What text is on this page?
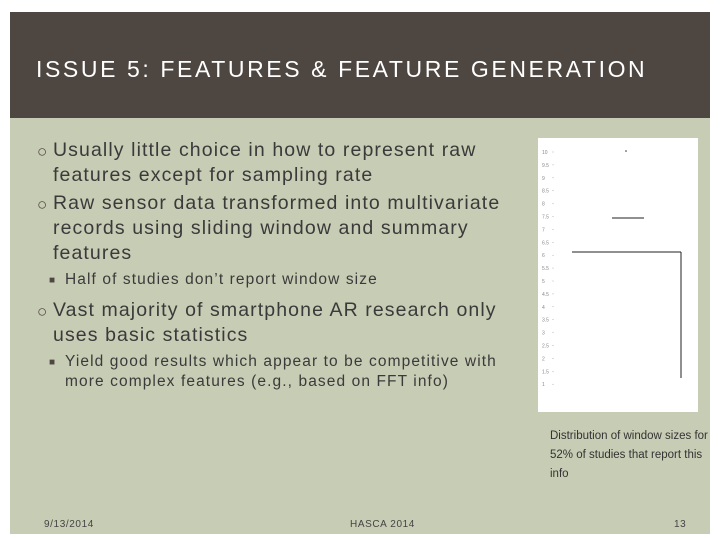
ISSUE 5: FEATURES & FEATURE GENERATION
○ Usually little choice in how to represent raw features except for sampling rate
○ Raw sensor data transformed into multivariate records using sliding window and summary features
■ Half of studies don’t report window size
○ Vast majority of smartphone AR research only uses basic statistics
■ Yield good results which appear to be competitive with more complex features (e.g., based on FFT info)
10
9.5
9
8.5
8
7.5
7
6.5
6
5.5
5
4.5
4
3.5
3
2.5
2
1.5
1
Distribution of window sizes for 52% of studies that report this info
9/13/2014	HASCA 2014	13
